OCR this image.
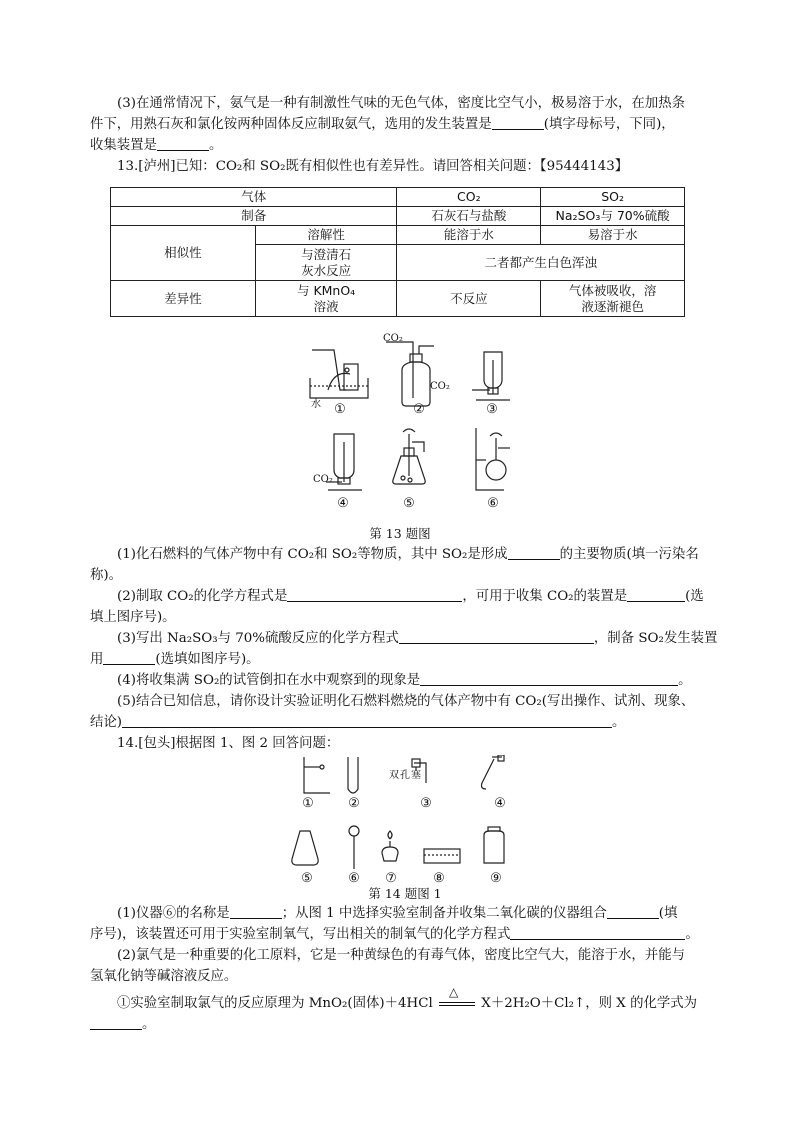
(3)在通常情况下，氨气是一种有制激性气味的无色气体，密度比空气小，极易溶于水，在加热条
件下，用熟石灰和氯化铵两种固体反应制取氨气，选用的发生装置是	(填字母标号，下同)，
收集装置是	。
13.[泸州]已知：CO₂和 SO₂既有相似性也有差异性。请回答相关问题：【95444143】
气体		CO₂	SO₂
制备		石灰石与盐酸	Na₂SO₃与 70%硫酸
相似性	溶解性	能溶于水	易溶于水
	与澄清石
灰水反应	二者都产生白色浑浊	
差异性	与 KMnO₄
溶液	不反应	气体被吸收，溶
液逐渐褪色
①	②	③
④	⑤	⑥
水
CO₂
CO₂
CO₂
第 13 题图
(1)化石燃料的气体产物中有 CO₂和 SO₂等物质，其中 SO₂是形成	的主要物质(填一污染名
称)。
(2)制取 CO₂的化学方程式是	，可用于收集 CO₂的装置是	(选
填上图序号)。
(3)写出 Na₂SO₃与 70%硫酸反应的化学方程式	，制备 SO₂发生装置
用	(选填如图序号)。
(4)将收集满 SO₂的试管倒扣在水中观察到的现象是	。
(5)结合已知信息，请你设计实验证明化石燃料燃烧的气体产物中有 CO₂(写出操作、试剂、现象、
结论)	。
14.[包头]根据图 1、图 2 回答问题：
双孔塞
①	②	③	④
⑤	⑥	⑦	⑧	⑨
第 14 题图 1
(1)仪器⑥的名称是	；从图 1 中选择实验室制备并收集二氧化碳的仪器组合	(填
序号)，该装置还可用于实验室制氧气，写出相关的制氧气的化学方程式	。
(2)氯气是一种重要的化工原料，它是一种黄绿色的有毒气体，密度比空气大，能溶于水，并能与
氢氧化钠等碱溶液反应。
①实验室制取氯气的反应原理为 MnO₂(固体)＋4HCl
△
X＋2H₂O＋Cl₂↑，则 X 的化学式为
。
